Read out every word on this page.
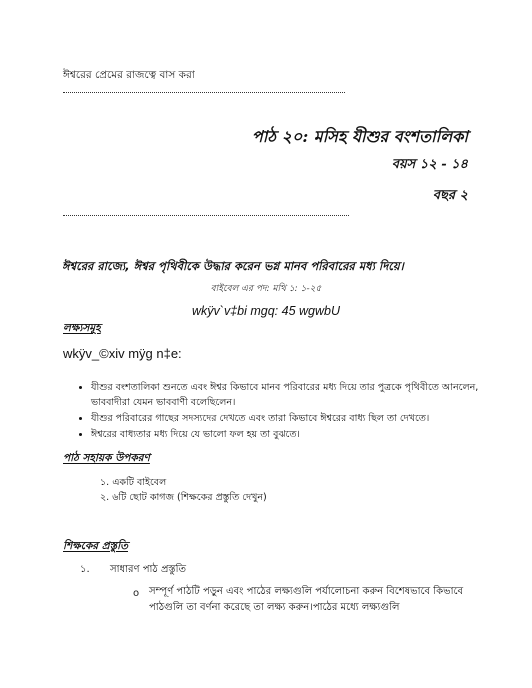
ঈশ্বরের প্রেমের রাজত্বে বাস করা
পাঠ ২০: মসিহ যীশুর বংশতালিকা
বয়স ১২ - ১৪
বছর ২
ঈশ্বরের রাজ্যে, ঈশ্বর পৃথিবীকে উদ্ধার করেন ভগ্ন মানব পরিবারের মধ্য দিয়ে।
বাইবেল এর পদ: মথি ১: ১-২৫
wkÿv`v‡bi mgq: 45 wgwbU
লক্ষ্যসমূহ
wkÿv_©xiv mÿg n‡e:
• যীশুর বংশতালিকা শুনতে এবং ঈশ্বর কিভাবে মানব পরিবারের মধ্য দিয়ে তার পুত্রকে পৃথিবীতে আনলেন, ভাববাদীরা যেমন ভাববাণী বলেছিলেন।
• যীশুর পরিবারের গাছের সদস্যদের দেখতে এবং তারা কিভাবে ঈশ্বরের বাধ্য ছিল তা দেখতে।
• ঈশ্বরের বাধ্যতার মধ্য দিয়ে যে ভালো ফল হয় তা বুঝতে।
পাঠ সহায়ক উপকরণ
১. একটি বাইবেল
২. ৬টি ছোট কাগজ (শিক্ষকের প্রস্তুতি দেখুন)
শিক্ষকের প্রস্তুতি
১. সাধারণ পাঠ প্রস্তুতি
o সম্পূর্ণ পাঠটি পড়ুন এবং পাঠের লক্ষ্যগুলি পর্যালোচনা করুন বিশেষভাবে কিভাবে পাঠগুলি তা বর্ণনা করেছে তা লক্ষ্য করুন।পাঠের মধ্যে লক্ষ্যগুলি
